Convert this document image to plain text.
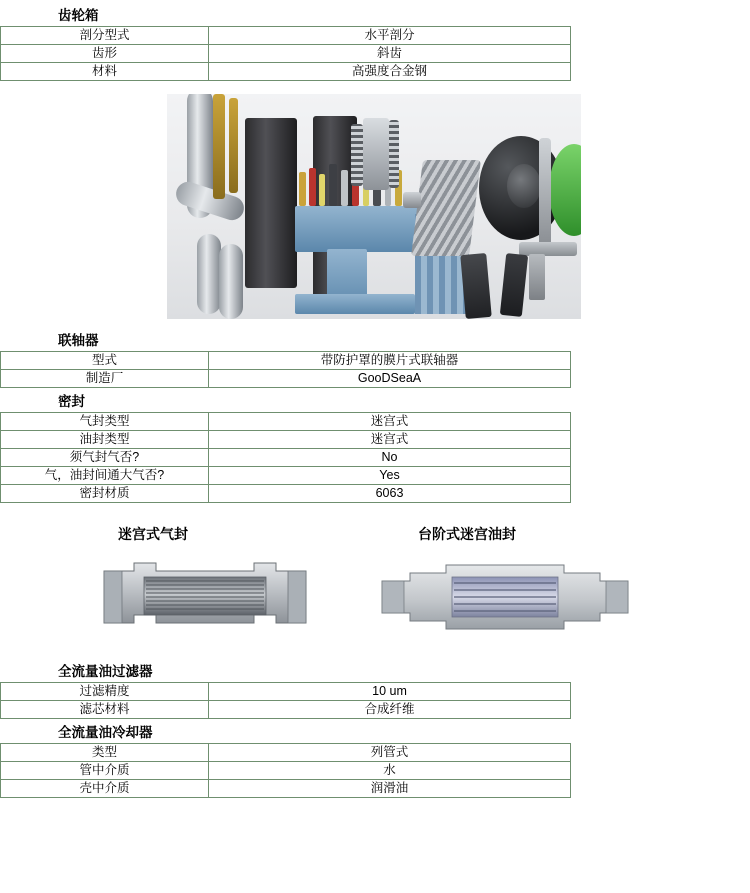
齿轮箱
剖分型式	水平剖分
齿形	斜齿
材料	高强度合金钢
联轴器
型式	带防护罩的膜片式联轴器
制造厂	GooDSeaA
密封
气封类型	迷宫式
油封类型	迷宫式
须气封气否?	No
气，油封间通大气否?	Yes
密封材质	6063
迷宫式气封	台阶式迷宫油封
全流量油过滤器
过滤精度	10 um
滤芯材料	合成纤维
全流量油冷却器
类型	列管式
管中介质	水
壳中介质	润滑油
